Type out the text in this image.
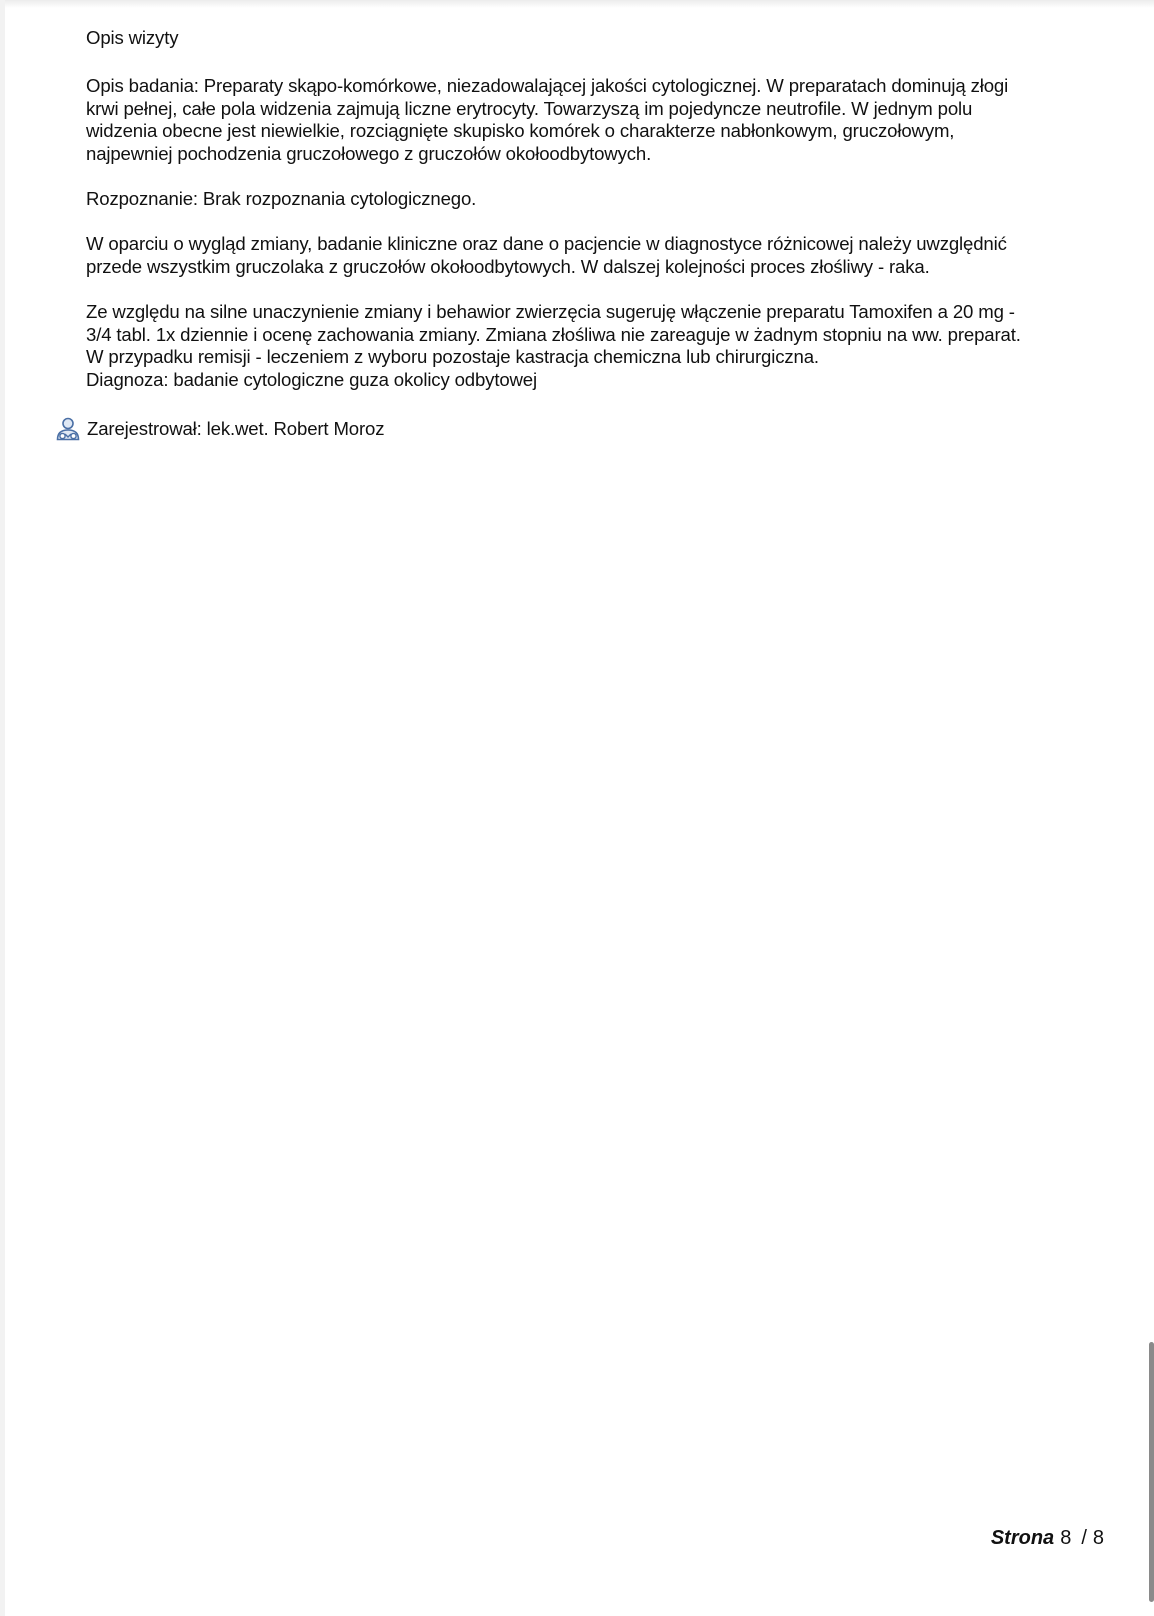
Opis wizyty
Opis badania: Preparaty skąpo-komórkowe, niezadowalającej jakości cytologicznej. W preparatach dominują złogi
krwi pełnej, całe pola widzenia zajmują liczne erytrocyty. Towarzyszą im pojedyncze neutrofile. W jednym polu
widzenia obecne jest niewielkie, rozciągnięte skupisko komórek o charakterze nabłonkowym, gruczołowym,
najpewniej pochodzenia gruczołowego z gruczołów okołoodbytowych.
Rozpoznanie: Brak rozpoznania cytologicznego.
W oparciu o wygląd zmiany, badanie kliniczne oraz dane o pacjencie w diagnostyce różnicowej należy uwzględnić
przede wszystkim gruczolaka z gruczołów okołoodbytowych. W dalszej kolejności proces złośliwy - raka.
Ze względu na silne unaczynienie zmiany i behawior zwierzęcia sugeruję włączenie preparatu Tamoxifen a 20 mg -
3/4 tabl. 1x dziennie i ocenę zachowania zmiany. Zmiana złośliwa nie zareaguje w żadnym stopniu na ww. preparat.
W przypadku remisji - leczeniem z wyboru pozostaje kastracja chemiczna lub chirurgiczna.
Diagnoza: badanie cytologiczne guza okolicy odbytowej
Zarejestrował: lek.wet. Robert Moroz
Strona 8 / 8
